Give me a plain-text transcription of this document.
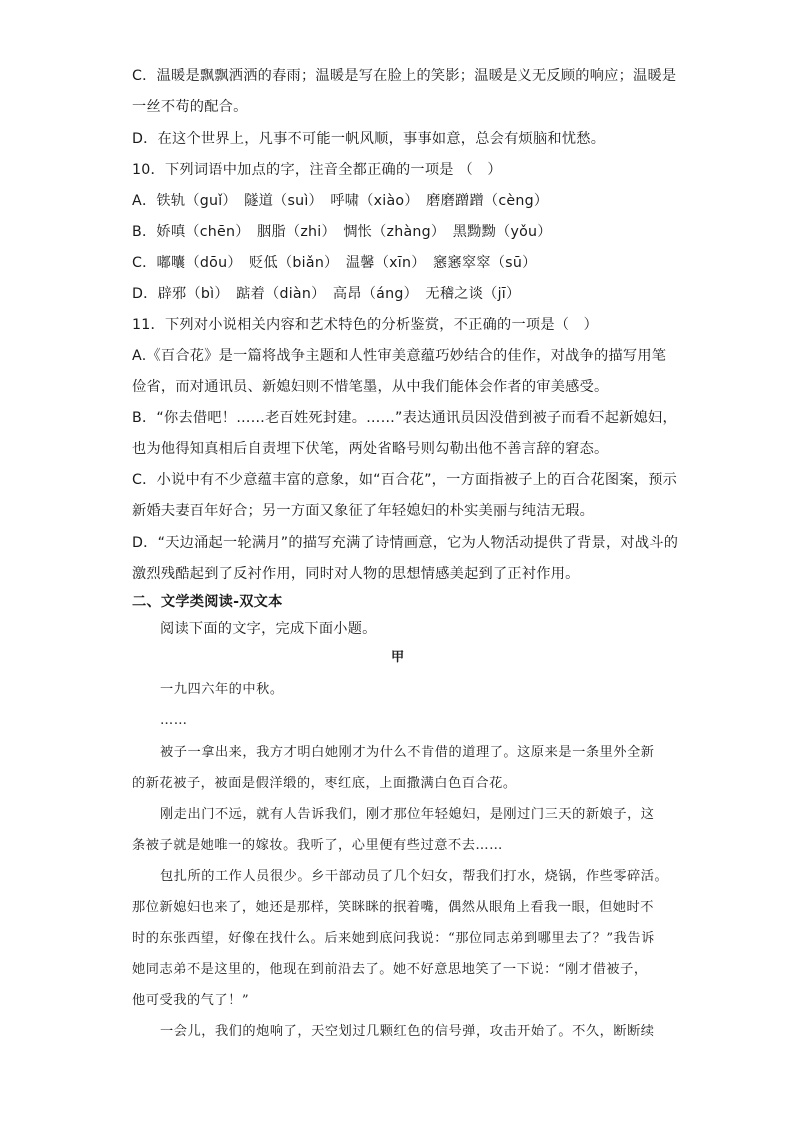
C．温暖是飘飘洒洒的春雨；温暖是写在脸上的笑影；温暖是义无反顾的响应；温暖是
一丝不苟的配合。
D．在这个世界上，凡事不可能一帆风顺，事事如意，总会有烦脑和忧愁。
10．下列词语中加点的字，注音全都正确的一项是 （　）
A．铁轨（guǐ）　隧道（suì）　呼啸（xiào）　磨磨蹭蹭（cèng）
B．娇嗔（chēn）　胭脂（zhi）　惆怅（zhàng）　黑黝黝（yǒu）
C．嘟囔（dōu）　贬低（biǎn）　温馨（xīn）　窸窸窣窣（sū）
D．辟邪（bì）　踮着（diàn）　高昂（áng）　无稽之谈（jī）
11．下列对小说相关内容和艺术特色的分析鉴赏，不正确的一项是（　）
A.《百合花》是一篇将战争主题和人性审美意蕴巧妙结合的佳作，对战争的描写用笔
俭省，而对通讯员、新媳妇则不惜笔墨，从中我们能体会作者的审美感受。
B．“你去借吧！……老百姓死封建。……”表达通讯员因没借到被子而看不起新媳妇，
也为他得知真相后自责埋下伏笔，两处省略号则勾勒出他不善言辞的窘态。
C．小说中有不少意蕴丰富的意象，如“百合花”，一方面指被子上的百合花图案，预示
新婚夫妻百年好合；另一方面又象征了年轻媳妇的朴实美丽与纯洁无瑕。
D．“天边涌起一轮满月”的描写充满了诗情画意，它为人物活动提供了背景，对战斗的
激烈残酷起到了反衬作用，同时对人物的思想情感美起到了正衬作用。
二、文学类阅读-双文本
阅读下面的文字，完成下面小题。
甲
一九四六年的中秋。
……
被子一拿出来，我方才明白她刚才为什么不肯借的道理了。这原来是一条里外全新
的新花被子，被面是假洋缎的，枣红底，上面撒满白色百合花。
刚走出门不远，就有人告诉我们，刚才那位年轻媳妇，是刚过门三天的新娘子，这
条被子就是她唯一的嫁妆。我听了，心里便有些过意不去……
包扎所的工作人员很少。乡干部动员了几个妇女，帮我们打水，烧锅，作些零碎活。
那位新媳妇也来了，她还是那样，笑眯眯的抿着嘴，偶然从眼角上看我一眼，但她时不
时的东张西望，好像在找什么。后来她到底问我说：“那位同志弟到哪里去了？”我告诉
她同志弟不是这里的，他现在到前沿去了。她不好意思地笑了一下说：“刚才借被子，
他可受我的气了！”
一会儿，我们的炮响了，天空划过几颗红色的信号弹，攻击开始了。不久，断断续
